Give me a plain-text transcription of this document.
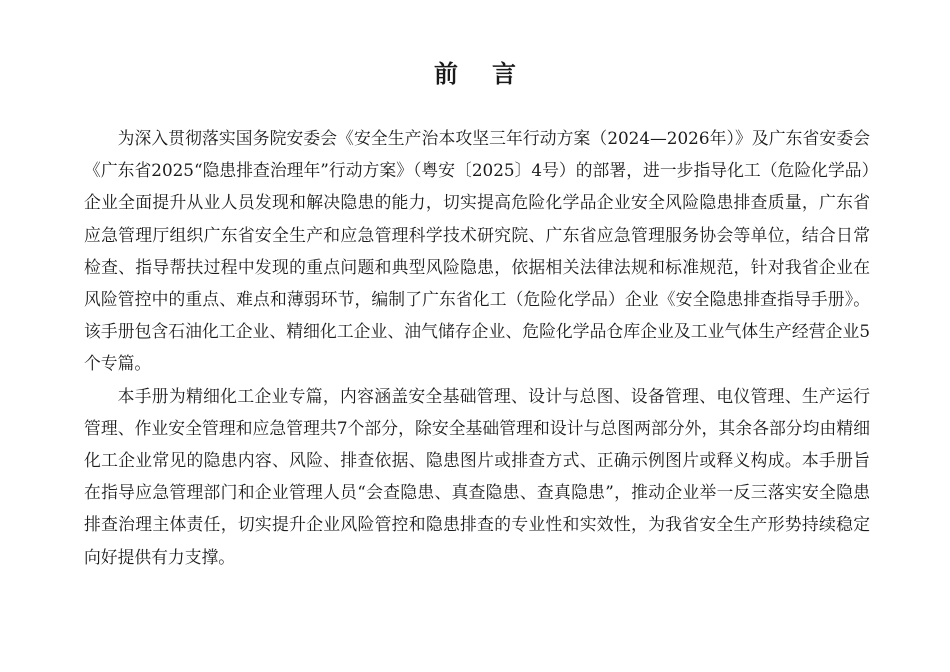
前言

为深入贯彻落实国务院安委会《安全生产治本攻坚三年行动方案（2024—2026年）》及广东省安委会《广东省2025“隐患排查治理年”行动方案》（粤安〔2025〕4号）的部署，进一步指导化工（危险化学品）企业全面提升从业人员发现和解决隐患的能力，切实提高危险化学品企业安全风险隐患排查质量，广东省应急管理厅组织广东省安全生产和应急管理科学技术研究院、广东省应急管理服务协会等单位，结合日常检查、指导帮扶过程中发现的重点问题和典型风险隐患，依据相关法律法规和标准规范，针对我省企业在风险管控中的重点、难点和薄弱环节，编制了广东省化工（危险化学品）企业《安全隐患排查指导手册》。该手册包含石油化工企业、精细化工企业、油气储存企业、危险化学品仓库企业及工业气体生产经营企业5个专篇。

本手册为精细化工企业专篇，内容涵盖安全基础管理、设计与总图、设备管理、电仪管理、生产运行管理、作业安全管理和应急管理共7个部分，除安全基础管理和设计与总图两部分外，其余各部分均由精细化工企业常见的隐患内容、风险、排查依据、隐患图片或排查方式、正确示例图片或释义构成。本手册旨在指导应急管理部门和企业管理人员“会查隐患、真查隐患、查真隐患”，推动企业举一反三落实安全隐患排查治理主体责任，切实提升企业风险管控和隐患排查的专业性和实效性，为我省安全生产形势持续稳定向好提供有力支撑。
